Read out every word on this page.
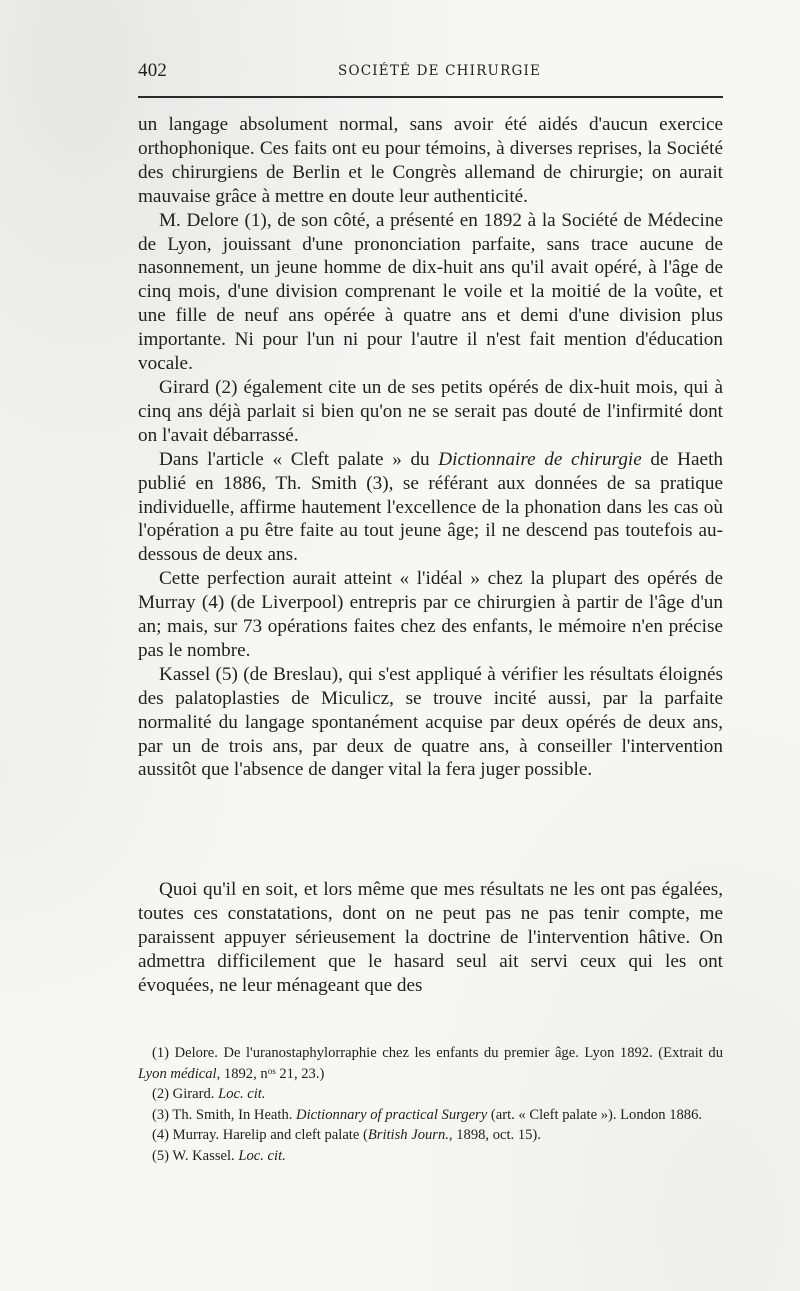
402	SOCIÉTÉ DE CHIRURGIE

un langage absolument normal, sans avoir été aidés d'aucun exercice orthophonique. Ces faits ont eu pour témoins, à diverses reprises, la Société des chirurgiens de Berlin et le Congrès allemand de chirurgie; on aurait mauvaise grâce à mettre en doute leur authenticité.

M. Delore (1), de son côté, a présenté en 1892 à la Société de Médecine de Lyon, jouissant d'une prononciation parfaite, sans trace aucune de nasonnement, un jeune homme de dix-huit ans qu'il avait opéré, à l'âge de cinq mois, d'une division comprenant le voile et la moitié de la voûte, et une fille de neuf ans opérée à quatre ans et demi d'une division plus importante. Ni pour l'un ni pour l'autre il n'est fait mention d'éducation vocale.

Girard (2) également cite un de ses petits opérés de dix-huit mois, qui à cinq ans déjà parlait si bien qu'on ne se serait pas douté de l'infirmité dont on l'avait débarrassé.

Dans l'article « Cleft palate » du Dictionnaire de chirurgie de Haeth publié en 1886, Th. Smith (3), se référant aux données de sa pratique individuelle, affirme hautement l'excellence de la phonation dans les cas où l'opération a pu être faite au tout jeune âge; il ne descend pas toutefois au-dessous de deux ans.

Cette perfection aurait atteint « l'idéal » chez la plupart des opérés de Murray (4) (de Liverpool) entrepris par ce chirurgien à partir de l'âge d'un an; mais, sur 73 opérations faites chez des enfants, le mémoire n'en précise pas le nombre.

Kassel (5) (de Breslau), qui s'est appliqué à vérifier les résultats éloignés des palatoplasties de Miculicz, se trouve incité aussi, par la parfaite normalité du langage spontanément acquise par deux opérés de deux ans, par un de trois ans, par deux de quatre ans, à conseiller l'intervention aussitôt que l'absence de danger vital la fera juger possible.

Quoi qu'il en soit, et lors même que mes résultats ne les ont pas égalées, toutes ces constatations, dont on ne peut pas ne pas tenir compte, me paraissent appuyer sérieusement la doctrine de l'intervention hâtive. On admettra difficilement que le hasard seul ait servi ceux qui les ont évoquées, ne leur ménageant que des

(1) Delore. De l'uranostaphylorraphie chez les enfants du premier âge. Lyon 1892. (Extrait du Lyon médical, 1892, $n^{os}$ 21, 23.)

(2) Girard. Loc. cit.

(3) Th. Smith, In Heath. Dictionnary of practical Surgery (art. « Cleft palate »). London 1886.

(4) Murray. Harelip and cleft palate (British Journ., 1898, oct. 15).

(5) W. Kassel. Loc. cit.
